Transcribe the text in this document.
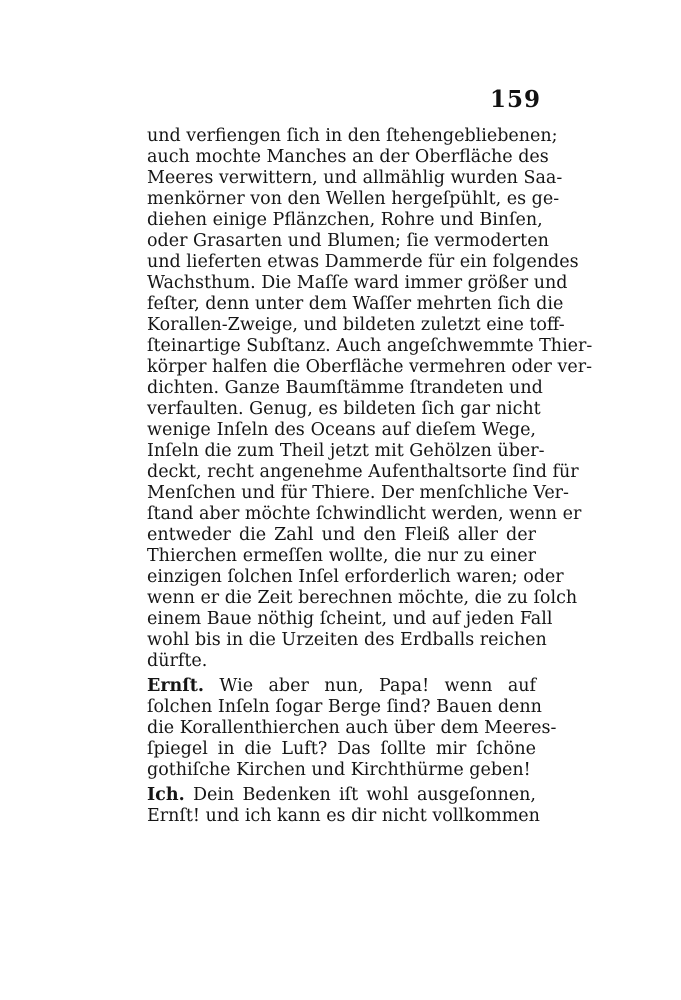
159
und verfiengen ſich in den ſtehengebliebenen;
auch mochte Manches an der Oberfläche des
Meeres verwittern, und allmählig wurden Saa-
menkörner von den Wellen hergeſpühlt, es ge-
diehen einige Pflänzchen, Rohre und Binſen,
oder Grasarten und Blumen; ſie vermoderten
und lieferten etwas Dammerde für ein folgendes
Wachsthum. Die Maſſe ward immer größer und
feſter, denn unter dem Waſſer mehrten ſich die
Korallen-Zweige, und bildeten zuletzt eine toff-
ſteinartige Subſtanz. Auch angeſchwemmte Thier-
körper halfen die Oberfläche vermehren oder ver-
dichten. Ganze Baumſtämme ſtrandeten und
verfaulten. Genug, es bildeten ſich gar nicht
wenige Inſeln des Oceans auf dieſem Wege,
Inſeln die zum Theil jetzt mit Gehölzen über-
deckt, recht angenehme Aufenthaltsorte ſind für
Menſchen und für Thiere. Der menſchliche Ver-
ſtand aber möchte ſchwindlicht werden, wenn er
entweder die Zahl und den Fleiß aller der
Thierchen ermeſſen wollte, die nur zu einer
einzigen ſolchen Inſel erforderlich waren; oder
wenn er die Zeit berechnen möchte, die zu ſolch
einem Baue nöthig ſcheint, und auf jeden Fall
wohl bis in die Urzeiten des Erdballs reichen
dürfte.
Ernſt. Wie aber nun, Papa! wenn auf
ſolchen Inſeln ſogar Berge ſind? Bauen denn
die Korallenthierchen auch über dem Meeres-
ſpiegel in die Luft? Das ſollte mir ſchöne
gothiſche Kirchen und Kirchthürme geben!
Ich. Dein Bedenken iſt wohl ausgeſonnen,
Ernſt! und ich kann es dir nicht vollkommen
